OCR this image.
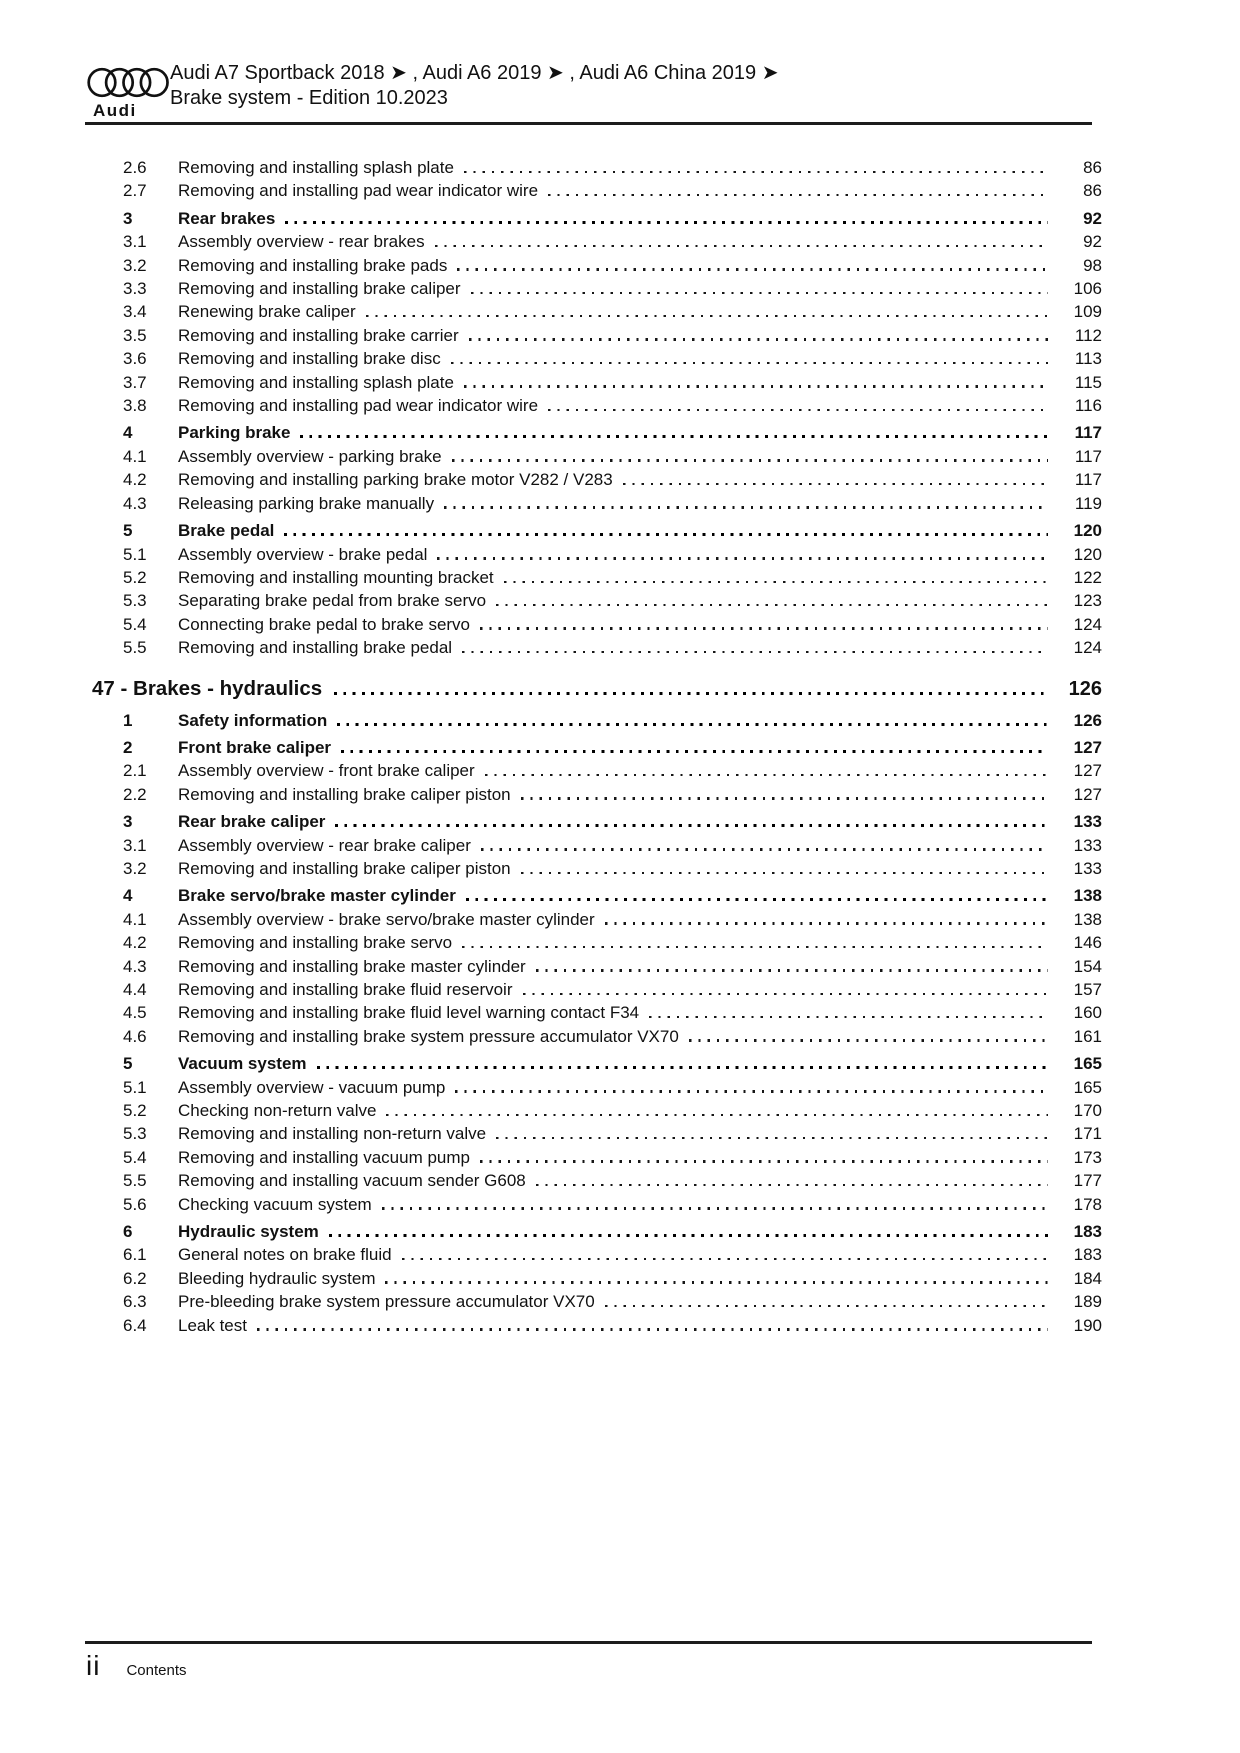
Audi
Audi A7 Sportback 2018 ➤ , Audi A6 2019 ➤ , Audi A6 China 2019 ➤
Brake system - Edition 10.2023
2.6	Removing and installing splash plate	86
2.7	Removing and installing pad wear indicator wire	86
3	Rear brakes	92
3.1	Assembly overview - rear brakes	92
3.2	Removing and installing brake pads	98
3.3	Removing and installing brake caliper	106
3.4	Renewing brake caliper	109
3.5	Removing and installing brake carrier	112
3.6	Removing and installing brake disc	113
3.7	Removing and installing splash plate	115
3.8	Removing and installing pad wear indicator wire	116
4	Parking brake	117
4.1	Assembly overview - parking brake	117
4.2	Removing and installing parking brake motor V282 / V283	117
4.3	Releasing parking brake manually	119
5	Brake pedal	120
5.1	Assembly overview - brake pedal	120
5.2	Removing and installing mounting bracket	122
5.3	Separating brake pedal from brake servo	123
5.4	Connecting brake pedal to brake servo	124
5.5	Removing and installing brake pedal	124
47 - Brakes - hydraulics	126
1	Safety information	126
2	Front brake caliper	127
2.1	Assembly overview - front brake caliper	127
2.2	Removing and installing brake caliper piston	127
3	Rear brake caliper	133
3.1	Assembly overview - rear brake caliper	133
3.2	Removing and installing brake caliper piston	133
4	Brake servo/brake master cylinder	138
4.1	Assembly overview - brake servo/brake master cylinder	138
4.2	Removing and installing brake servo	146
4.3	Removing and installing brake master cylinder	154
4.4	Removing and installing brake fluid reservoir	157
4.5	Removing and installing brake fluid level warning contact F34	160
4.6	Removing and installing brake system pressure accumulator VX70	161
5	Vacuum system	165
5.1	Assembly overview - vacuum pump	165
5.2	Checking non-return valve	170
5.3	Removing and installing non-return valve	171
5.4	Removing and installing vacuum pump	173
5.5	Removing and installing vacuum sender G608	177
5.6	Checking vacuum system	178
6	Hydraulic system	183
6.1	General notes on brake fluid	183
6.2	Bleeding hydraulic system	184
6.3	Pre-bleeding brake system pressure accumulator VX70	189
6.4	Leak test	190
ii Contents
